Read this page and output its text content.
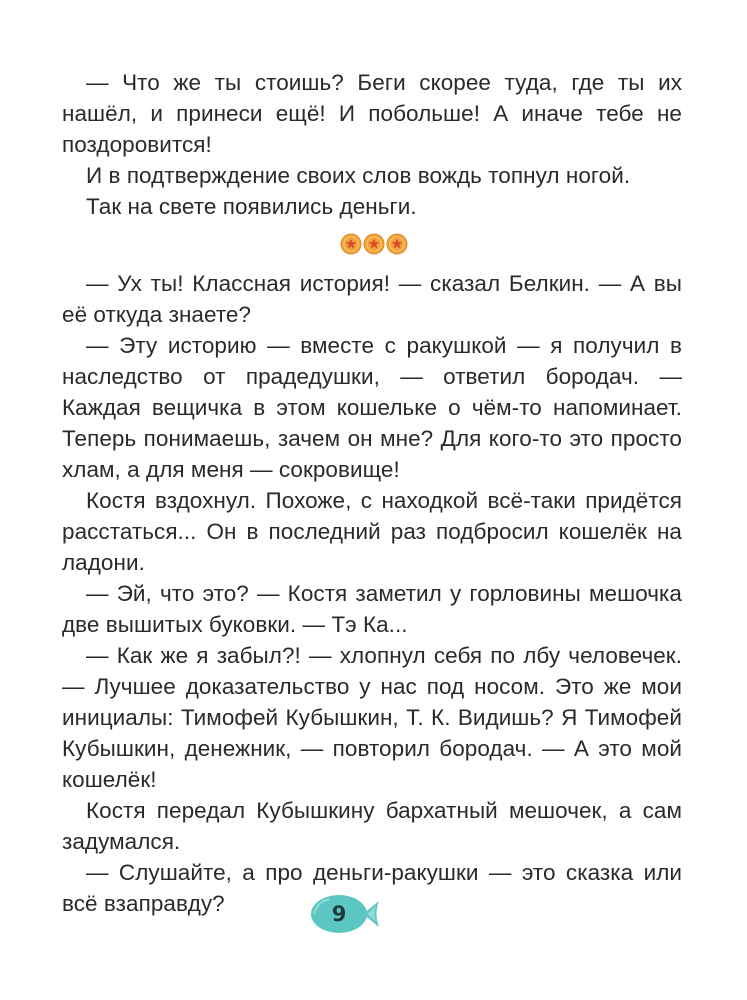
— Что же ты стоишь? Беги скорее туда, где ты их нашёл, и принеси ещё! И побольше! А иначе тебе не поздоровится!

И в подтверждение своих слов вождь топнул ногой.

Так на свете появились деньги.

— Ух ты! Классная история! — сказал Белкин. — А вы её откуда знаете?

— Эту историю — вместе с ракушкой — я получил в наследство от прадедушки, — ответил бородач. — Каждая вещичка в этом кошельке о чём-то напоминает. Теперь понимаешь, зачем он мне? Для кого-то это просто хлам, а для меня — сокровище!

Костя вздохнул. Похоже, с находкой всё-таки придётся расстаться... Он в последний раз подбросил кошелёк на ладони.

— Эй, что это? — Костя заметил у горловины мешочка две вышитых буковки. — Тэ Ка...

— Как же я забыл?! — хлопнул себя по лбу человечек. — Лучшее доказательство у нас под носом. Это же мои инициалы: Тимофей Кубышкин, Т. К. Видишь? Я Тимофей Кубышкин, денежник, — повторил бородач. — А это мой кошелёк!

Костя передал Кубышкину бархатный мешочек, а сам задумался.

— Слушайте, а про деньги-ракушки — это сказка или всё взаправду?	9
